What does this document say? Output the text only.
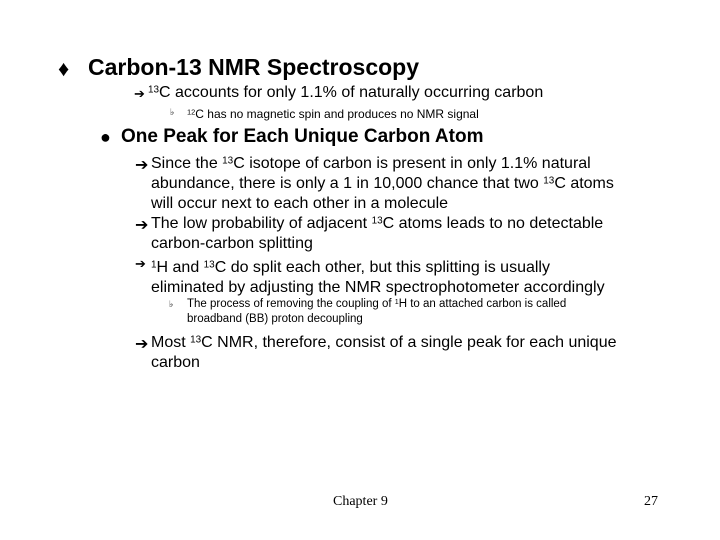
♦ Carbon-13 NMR Spectroscopy
➔ $^{13}$C accounts for only 1.1% of naturally occurring carbon
♭ $^{12}$C has no magnetic spin and produces no NMR signal
● One Peak for Each Unique Carbon Atom
➔ Since the $^{13}$C isotope of carbon is present in only 1.1% natural
abundance, there is only a 1 in 10,000 chance that two $^{13}$C atoms
will occur next to each other in a molecule
➔ The low probability of adjacent $^{13}$C atoms leads to no detectable
carbon-carbon splitting
➔ $^1$H and $^{13}$C do split each other, but this splitting is usually
eliminated by adjusting the NMR spectrophotometer accordingly
♭ The process of removing the coupling of $^1$H to an attached carbon is called
broadband (BB) proton decoupling
➔ Most $^{13}$C NMR, therefore, consist of a single peak for each unique
carbon
Chapter 9	27
